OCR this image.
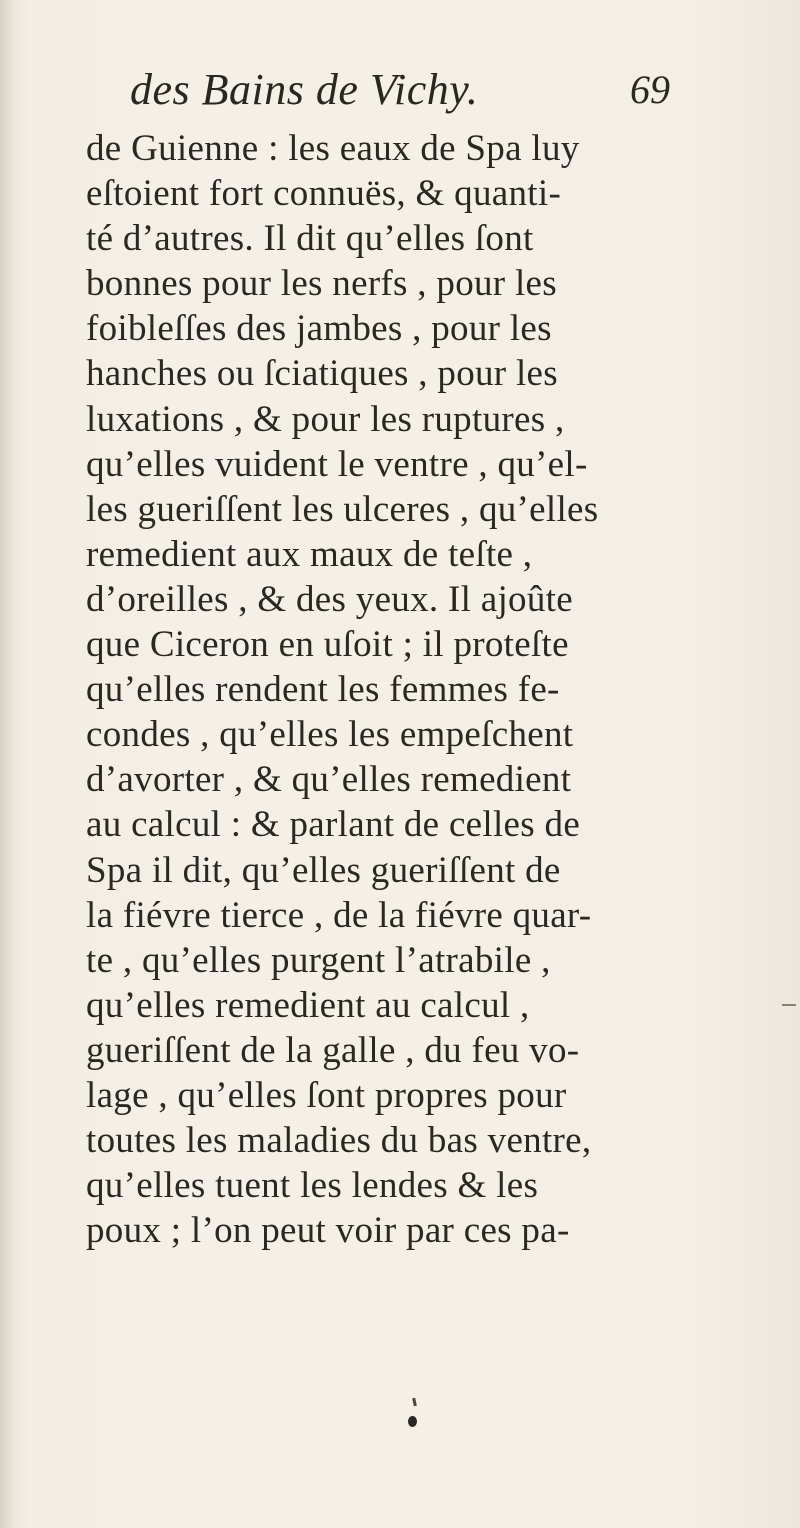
des Bains de Vichy.	69
de Guienne : les eaux de Spa luy
eſtoient fort connuës, & quanti-
té d’autres. Il dit qu’elles ſont
bonnes pour les nerfs , pour les
foibleſſes des jambes , pour les
hanches ou ſciatiques , pour les
luxations , & pour les ruptures ,
qu’elles vuident le ventre , qu’el-
les gueriſſent les ulceres , qu’elles
remedient aux maux de teſte ,
d’oreilles , & des yeux. Il ajoûte
que Ciceron en uſoit ; il proteſte
qu’elles rendent les femmes fe-
condes , qu’elles les empeſchent
d’avorter , & qu’elles remedient
au calcul : & parlant de celles de
Spa il dit, qu’elles gueriſſent de
la fiévre tierce , de la fiévre quar-
te , qu’elles purgent l’atrabile ,
qu’elles remedient au calcul ,
gueriſſent de la galle , du feu vo-
lage , qu’elles ſont propres pour
toutes les maladies du bas ventre,
qu’elles tuent les lendes & les
poux ; l’on peut voir par ces pa-
